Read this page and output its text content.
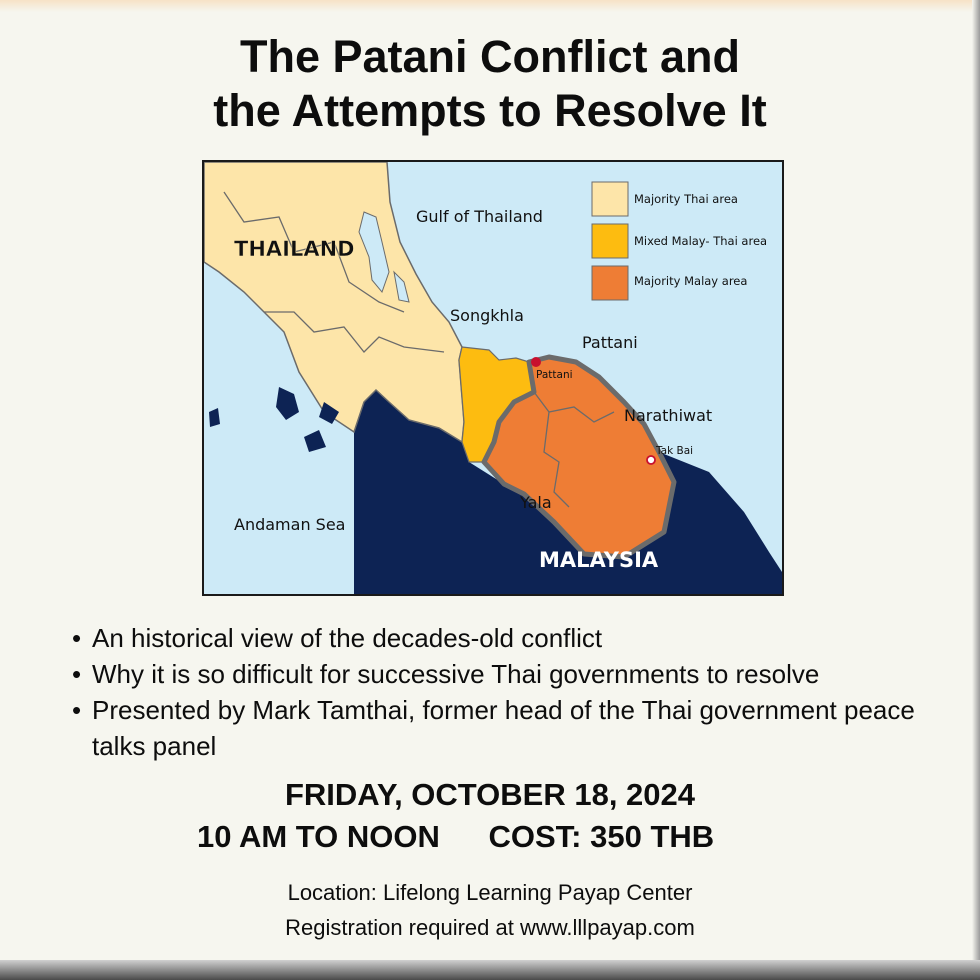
The Patani Conflict and
the Attempts to Resolve It
Majority Thai area
Mixed Malay- Thai area
Majority Malay area
THAILAND
MALAYSIA
Gulf of Thailand
Andaman Sea
Songkhla
Pattani
Narathiwat
Yala
Pattani
Tak Bai
• An historical view of the decades-old conflict
• Why it is so difficult for successive Thai governments to resolve
• Presented by Mark Tamthai, former head of the Thai government peace talks panel
FRIDAY, OCTOBER 18, 2024
10 AM TO NOON COST: 350 THB
Location: Lifelong Learning Payap Center
Registration required at www.lllpayap.com
